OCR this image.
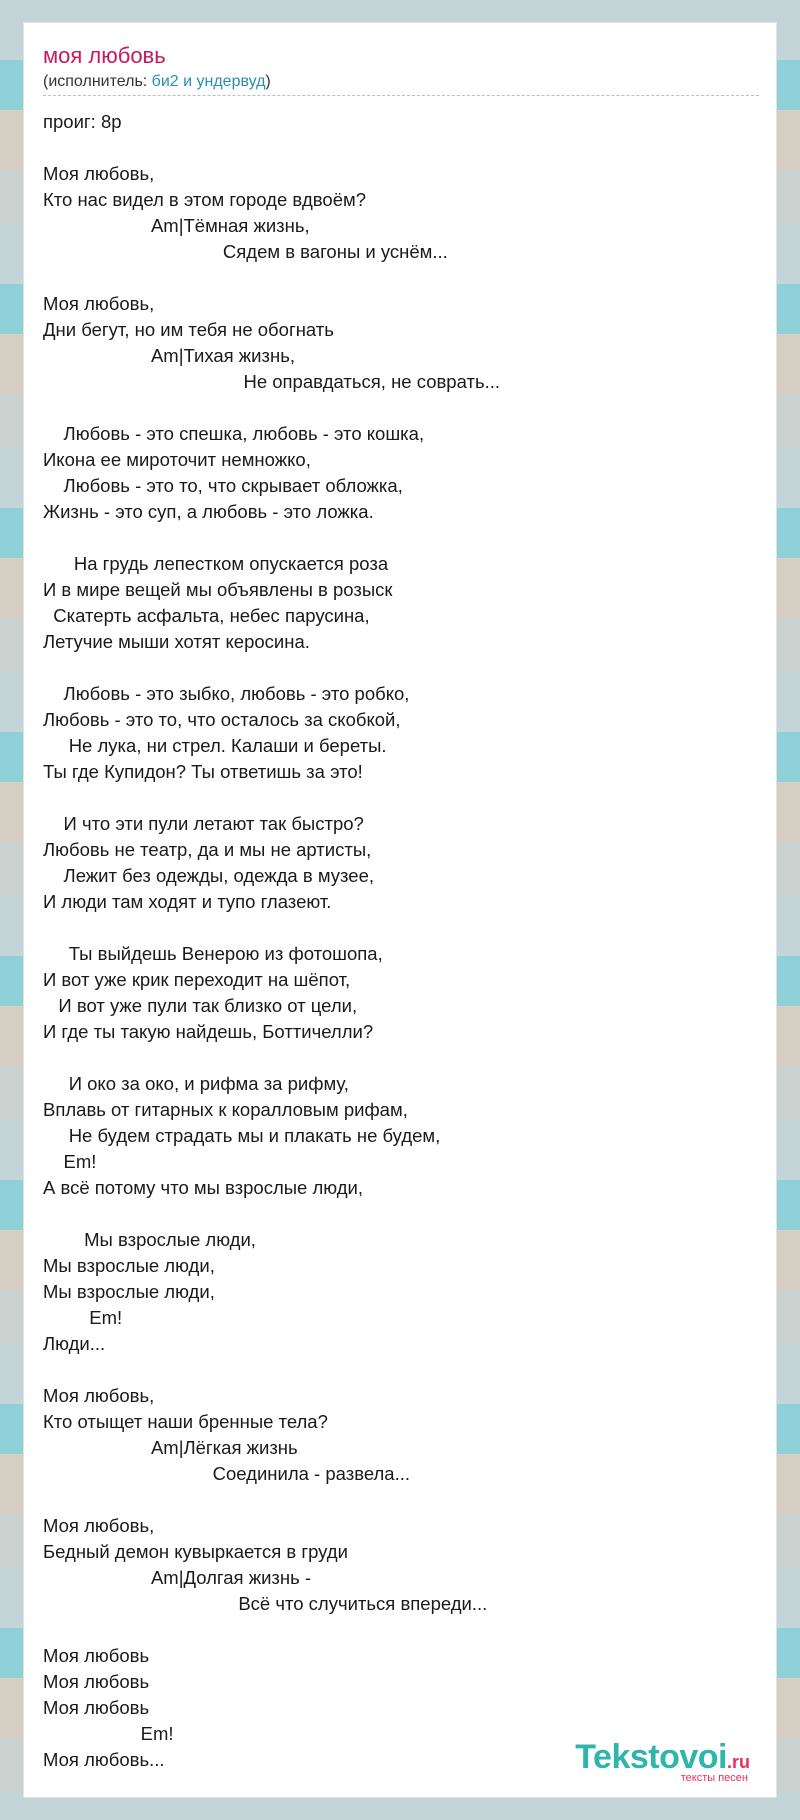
моя любовь
(исполнитель: би2 и ундервуд)
проиг: 8р

Моя любовь,
Кто нас видел в этом городе вдвоём?
Am|Тёмная жизнь,
Сядем в вагоны и уснём...

Моя любовь,
Дни бегут, но им тебя не обогнать
Am|Тихая жизнь,
Не оправдаться, не соврать...

Любовь - это спешка, любовь - это кошка,
Икона ее мироточит немножко,
Любовь - это то, что скрывает обложка,
Жизнь - это суп, а любовь - это ложка.

На грудь лепестком опускается роза
И в мире вещей мы объявлены в розыск
Скатерть асфальта, небес парусина,
Летучие мыши хотят керосина.

Любовь - это зыбко, любовь - это робко,
Любовь - это то, что осталось за скобкой,
Не лука, ни стрел. Калаши и береты.
Ты где Купидон? Ты ответишь за это!

И что эти пули летают так быстро?
Любовь не театр, да и мы не артисты,
Лежит без одежды, одежда в музее,
И люди там ходят и тупо глазеют.

Ты выйдешь Венерою из фотошопа,
И вот уже крик переходит на шёпот,
И вот уже пули так близко от цели,
И где ты такую найдешь, Боттичелли?

И око за око, и рифма за рифму,
Вплавь от гитарных к коралловым рифам,
Не будем страдать мы и плакать не будем,
Em!
А всё потому что мы взрослые люди,

Мы взрослые люди,
Мы взрослые люди,
Мы взрослые люди,
Em!
Люди...

Моя любовь,
Кто отыщет наши бренные тела?
Am|Лёгкая жизнь
Соединила - развела...

Моя любовь,
Бедный демон кувыркается в груди
Am|Долгая жизнь -
Всё что случиться впереди...

Моя любовь
Моя любовь
Моя любовь
Em!
Моя любовь...	Tekstovoi.ru
тексты песен
